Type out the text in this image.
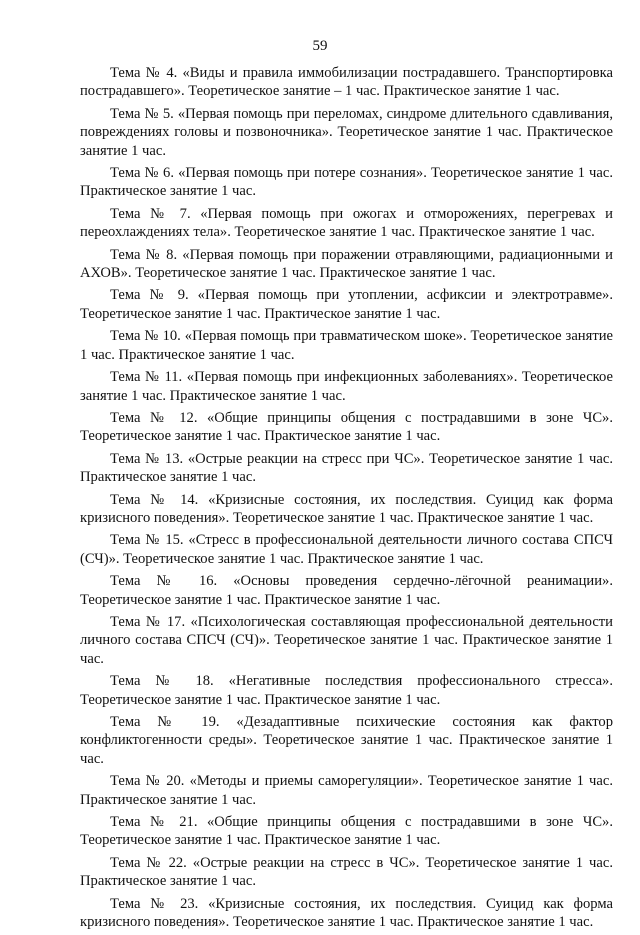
59

Тема № 4. «Виды и правила иммобилизации пострадавшего. Транспортировка пострадавшего». Теоретическое занятие – 1 час. Практическое занятие 1 час.

Тема № 5. «Первая помощь при переломах, синдроме длительного сдавливания, повреждениях головы и позвоночника». Теоретическое занятие 1 час. Практическое занятие 1 час.

Тема № 6. «Первая помощь при потере сознания». Теоретическое занятие 1 час. Практическое занятие 1 час.

Тема № 7. «Первая помощь при ожогах и отморожениях, перегревах и переохлаждениях тела». Теоретическое занятие 1 час. Практическое занятие 1 час.

Тема № 8. «Первая помощь при поражении отравляющими, радиационными и АХОВ». Теоретическое занятие 1 час. Практическое занятие 1 час.

Тема № 9. «Первая помощь при утоплении, асфиксии и электротравме». Теоретическое занятие 1 час. Практическое занятие 1 час.

Тема № 10. «Первая помощь при травматическом шоке». Теоретическое занятие 1 час. Практическое занятие 1 час.

Тема № 11. «Первая помощь при инфекционных заболеваниях». Теоретическое занятие 1 час. Практическое занятие 1 час.

Тема № 12. «Общие принципы общения с пострадавшими в зоне ЧС». Теоретическое занятие 1 час. Практическое занятие 1 час.

Тема № 13. «Острые реакции на стресс при ЧС». Теоретическое занятие 1 час. Практическое занятие 1 час.

Тема № 14. «Кризисные состояния, их последствия. Суицид как форма кризисного поведения». Теоретическое занятие 1 час. Практическое занятие 1 час.

Тема № 15. «Стресс в профессиональной деятельности личного состава СПСЧ (СЧ)». Теоретическое занятие 1 час. Практическое занятие 1 час.

Тема № 16. «Основы проведения сердечно-лёгочной реанимации». Теоретическое занятие 1 час. Практическое занятие 1 час.

Тема № 17. «Психологическая составляющая профессиональной деятельности личного состава СПСЧ (СЧ)». Теоретическое занятие 1 час. Практическое занятие 1 час.

Тема № 18. «Негативные последствия профессионального стресса». Теоретическое занятие 1 час. Практическое занятие 1 час.

Тема № 19. «Дезадаптивные психические состояния как фактор конфликтогенности среды». Теоретическое занятие 1 час. Практическое занятие 1 час.

Тема № 20. «Методы и приемы саморегуляции». Теоретическое занятие 1 час. Практическое занятие 1 час.

Тема № 21. «Общие принципы общения с пострадавшими в зоне ЧС». Теоретическое занятие 1 час. Практическое занятие 1 час.

Тема № 22. «Острые реакции на стресс в ЧС». Теоретическое занятие 1 час. Практическое занятие 1 час.

Тема № 23. «Кризисные состояния, их последствия. Суицид как форма кризисного поведения». Теоретическое занятие 1 час. Практическое занятие 1 час.
